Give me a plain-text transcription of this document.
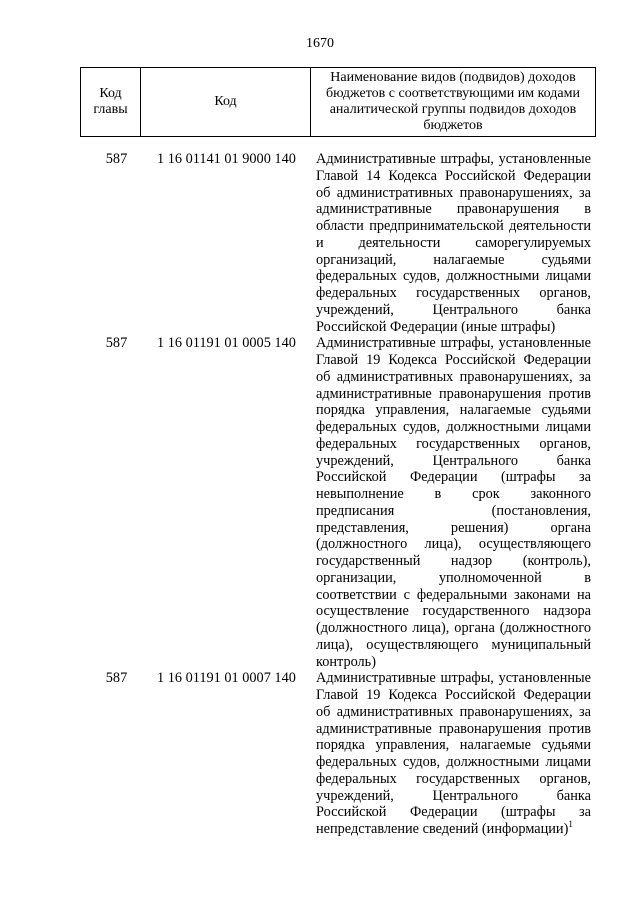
1670
Код главы	Код	Наименование видов (подвидов) доходов бюджетов с соответствующими им кодами аналитической группы подвидов доходов бюджетов
587	1 16 01141 01 9000 140	Административные штрафы, установленные
Главой 14 Кодекса Российской Федерации
об административных правонарушениях, за
административные правонарушения в
области предпринимательской деятельности
и деятельности саморегулируемых
организаций, налагаемые судьями
федеральных судов, должностными лицами
федеральных государственных органов,
учреждений, Центрального банка
Российской Федерации (иные штрафы)
587	1 16 01191 01 0005 140	Административные штрафы, установленные
Главой 19 Кодекса Российской Федерации
об административных правонарушениях, за
административные правонарушения против
порядка управления, налагаемые судьями
федеральных судов, должностными лицами
федеральных государственных органов,
учреждений, Центрального банка
Российской Федерации (штрафы за
невыполнение в срок законного
предписания (постановления,
представления, решения) органа
(должностного лица), осуществляющего
государственный надзор (контроль),
организации, уполномоченной в
соответствии с федеральными законами на
осуществление государственного надзора
(должностного лица), органа (должностного
лица), осуществляющего муниципальный
контроль)
587	1 16 01191 01 0007 140	Административные штрафы, установленные
Главой 19 Кодекса Российской Федерации
об административных правонарушениях, за
административные правонарушения против
порядка управления, налагаемые судьями
федеральных судов, должностными лицами
федеральных государственных органов,
учреждений, Центрального банка
Российской Федерации (штрафы за
непредставление сведений (информации)$^1$
